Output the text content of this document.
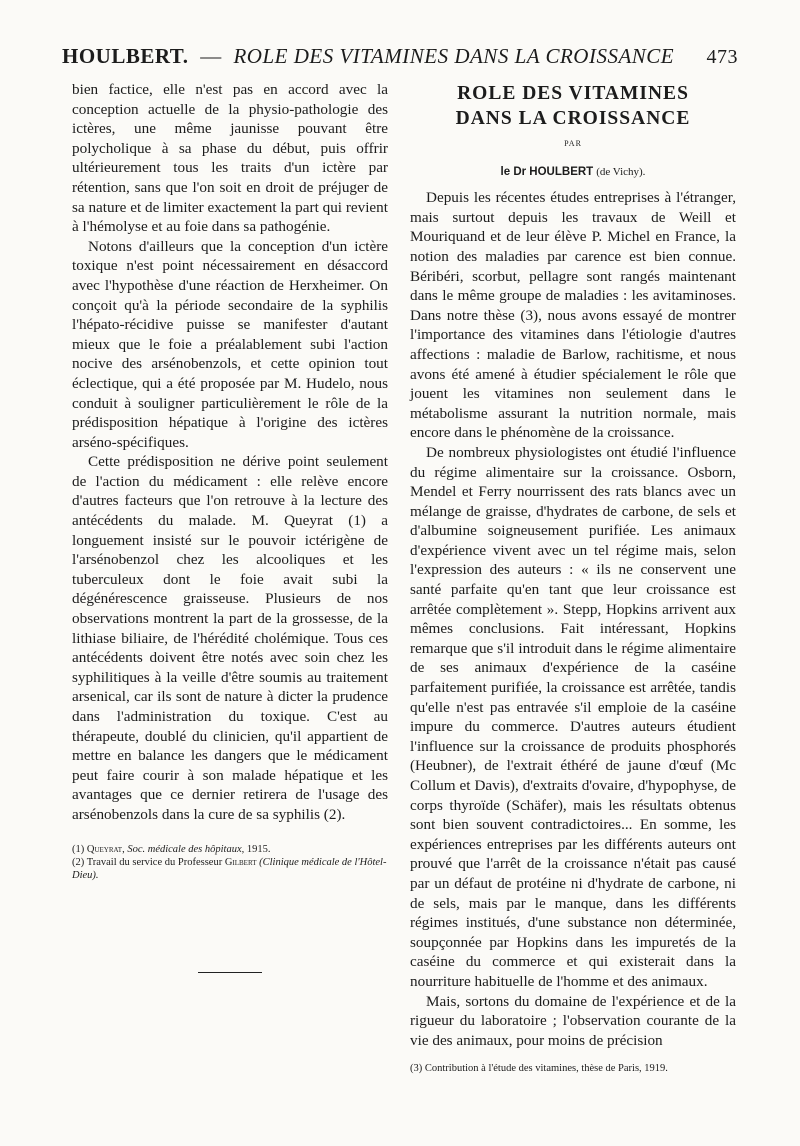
HOULBERT. — ROLE DES VITAMINES DANS LA CROISSANCE 473

bien factice, elle n'est pas en accord avec la conception actuelle de la physio-pathologie des ictères, une même jaunisse pouvant être polycholique à sa phase du début, puis offrir ultérieurement tous les traits d'un ictère par rétention, sans que l'on soit en droit de préjuger de sa nature et de limiter exactement la part qui revient à l'hémolyse et au foie dans sa pathogénie.

Notons d'ailleurs que la conception d'un ictère toxique n'est point nécessairement en désaccord avec l'hypothèse d'une réaction de Herxheimer. On conçoit qu'à la période secondaire de la syphilis l'hépato-récidive puisse se manifester d'autant mieux que le foie a préalablement subi l'action nocive des arsénobenzols, et cette opinion tout éclectique, qui a été proposée par M. Hudelo, nous conduit à souligner particulièrement le rôle de la prédisposition hépatique à l'origine des ictères arséno-spécifiques.

Cette prédisposition ne dérive point seulement de l'action du médicament : elle relève encore d'autres facteurs que l'on retrouve à la lecture des antécédents du malade. M. Queyrat (1) a longuement insisté sur le pouvoir ictérigène de l'arsénobenzol chez les alcooliques et les tuberculeux dont le foie avait subi la dégénérescence graisseuse. Plusieurs de nos observations montrent la part de la grossesse, de la lithiase biliaire, de l'hérédité cholémique. Tous ces antécédents doivent être notés avec soin chez les syphilitiques à la veille d'être soumis au traitement arsenical, car ils sont de nature à dicter la prudence dans l'administration du toxique. C'est au thérapeute, doublé du clinicien, qu'il appartient de mettre en balance les dangers que le médicament peut faire courir à son malade hépatique et les avantages que ce dernier retirera de l'usage des arsénobenzols dans la cure de sa syphilis (2).

(1) Queyrat, Soc. médicale des hôpitaux, 1915.

(2) Travail du service du Professeur Gilbert (Clinique médicale de l'Hôtel-Dieu).

ROLE DES VITAMINES
DANS LA CROISSANCE
PAR
le Dr HOULBERT (de Vichy).

Depuis les récentes études entreprises à l'étranger, mais surtout depuis les travaux de Weill et Mouriquand et de leur élève P. Michel en France, la notion des maladies par carence est bien connue. Béribéri, scorbut, pellagre sont rangés maintenant dans le même groupe de maladies : les avitaminoses. Dans notre thèse (3), nous avons essayé de montrer l'importance des vitamines dans l'étiologie d'autres affections : maladie de Barlow, rachitisme, et nous avons été amené à étudier spécialement le rôle que jouent les vitamines non seulement dans le métabolisme assurant la nutrition normale, mais encore dans le phénomène de la croissance.

De nombreux physiologistes ont étudié l'influence du régime alimentaire sur la croissance. Osborn, Mendel et Ferry nourrissent des rats blancs avec un mélange de graisse, d'hydrates de carbone, de sels et d'albumine soigneusement purifiée. Les animaux d'expérience vivent avec un tel régime mais, selon l'expression des auteurs : « ils ne conservent une santé parfaite qu'en tant que leur croissance est arrêtée complètement ». Stepp, Hopkins arrivent aux mêmes conclusions. Fait intéressant, Hopkins remarque que s'il introduit dans le régime alimentaire de ses animaux d'expérience de la caséine parfaitement purifiée, la croissance est arrêtée, tandis qu'elle n'est pas entravée s'il emploie de la caséine impure du commerce. D'autres auteurs étudient l'influence sur la croissance de produits phosphorés (Heubner), de l'extrait éthéré de jaune d'œuf (Mc Collum et Davis), d'extraits d'ovaire, d'hypophyse, de corps thyroïde (Schäfer), mais les résultats obtenus sont bien souvent contradictoires... En somme, les expériences entreprises par les différents auteurs ont prouvé que l'arrêt de la croissance n'était pas causé par un défaut de protéine ni d'hydrate de carbone, ni de sels, mais par le manque, dans les différents régimes institués, d'une substance non déterminée, soupçonnée par Hopkins dans les impuretés de la caséine du commerce et qui existerait dans la nourriture habituelle de l'homme et des animaux.

Mais, sortons du domaine de l'expérience et de la rigueur du laboratoire ; l'observation courante de la vie des animaux, pour moins de précision

(3) Contribution à l'étude des vitamines, thèse de Paris, 1919.
